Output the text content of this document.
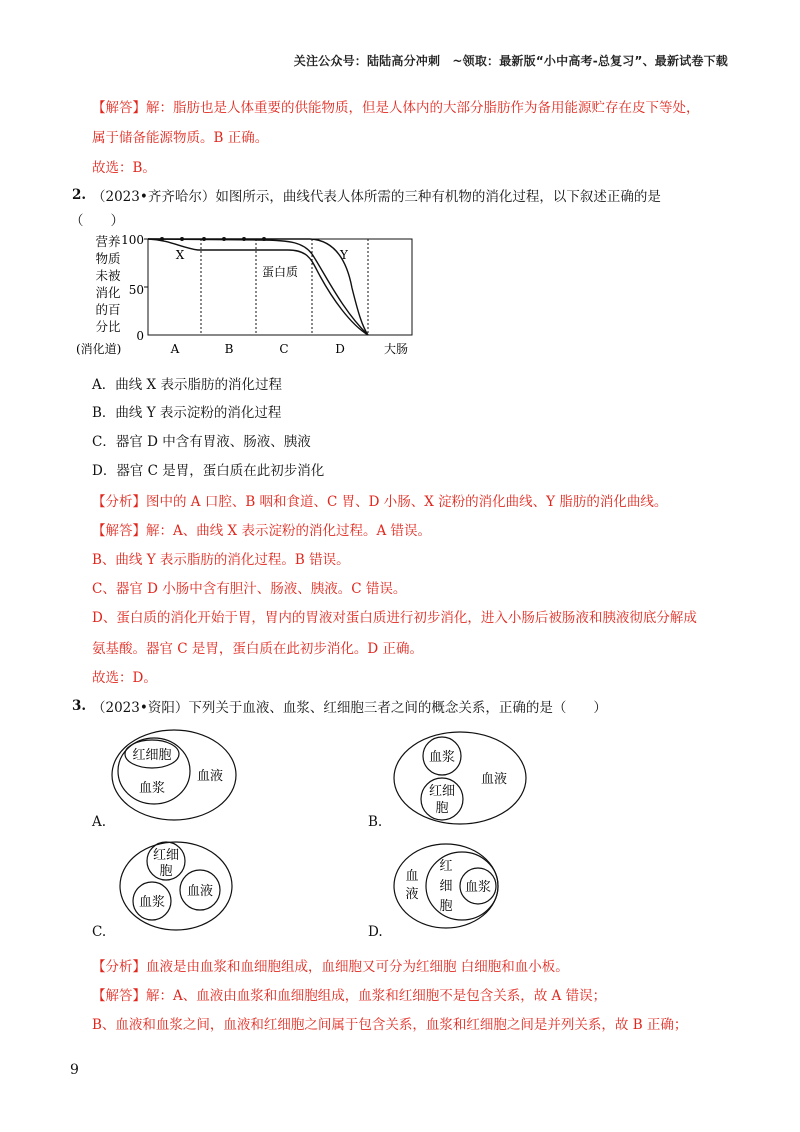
关注公众号：陆陆高分冲刺　~领取：最新版“小中高考-总复习”、最新试卷下载
【解答】解：脂肪也是人体重要的供能物质，但是人体内的大部分脂肪作为备用能源贮存在皮下等处，
属于储备能源物质。B 正确。
故选：B。
2. （2023•齐齐哈尔）如图所示，曲线代表人体所需的三种有机物的消化过程，以下叙述正确的是
（　　）
营养
物质
未被
消化
的百
分比
100
50
0
X	Y
蛋白质
(消化道)	A	B	C	D	大肠
A．曲线 X 表示脂肪的消化过程
B．曲线 Y 表示淀粉的消化过程
C．器官 D 中含有胃液、肠液、胰液
D．器官 C 是胃，蛋白质在此初步消化
【分析】图中的 A 口腔、B 咽和食道、C 胃、D 小肠、X 淀粉的消化曲线、Y 脂肪的消化曲线。
【解答】解：A、曲线 X 表示淀粉的消化过程。A 错误。
B、曲线 Y 表示脂肪的消化过程。B 错误。
C、器官 D 小肠中含有胆汁、肠液、胰液。C 错误。
D、蛋白质的消化开始于胃，胃内的胃液对蛋白质进行初步消化，进入小肠后被肠液和胰液彻底分解成
氨基酸。器官 C 是胃，蛋白质在此初步消化。D 正确。
故选：D。
3. （2023•资阳）下列关于血液、血浆、红细胞三者之间的概念关系，正确的是（　　）
红细胞
血浆
血液
A.
血浆
红细
胞
血液
B.
红细
胞
血浆
血液
C.
血
液
红
细
胞
血浆
D.
【分析】血液是由血浆和血细胞组成，血细胞又可分为红细胞 白细胞和血小板。
【解答】解：A、血液由血浆和血细胞组成，血浆和红细胞不是包含关系，故 A 错误；
B、血液和血浆之间，血液和红细胞之间属于包含关系，血浆和红细胞之间是并列关系，故 B 正确；
9
